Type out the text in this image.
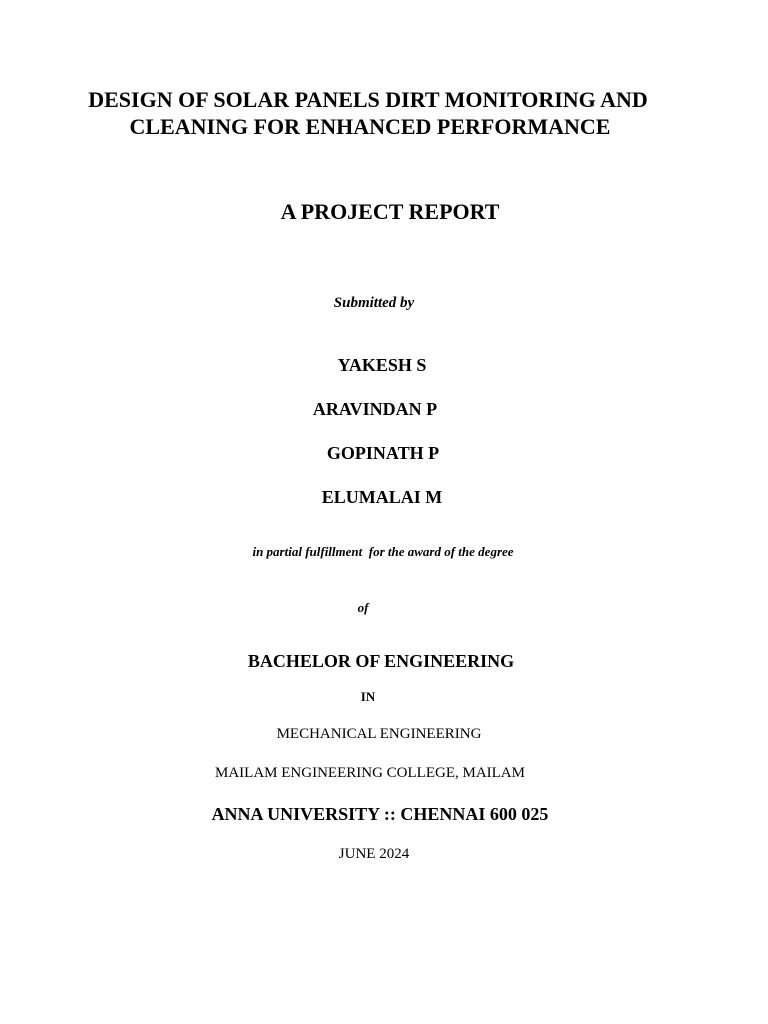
DESIGN OF SOLAR PANELS DIRT MONITORING AND
CLEANING FOR ENHANCED PERFORMANCE
A PROJECT REPORT
Submitted by
YAKESH S
ARAVINDAN P
GOPINATH P
ELUMALAI M
in partial fulfillment  for the award of the degree
of
BACHELOR OF ENGINEERING
IN
MECHANICAL ENGINEERING
MAILAM ENGINEERING COLLEGE, MAILAM
ANNA UNIVERSITY :: CHENNAI 600 025
JUNE 2024
